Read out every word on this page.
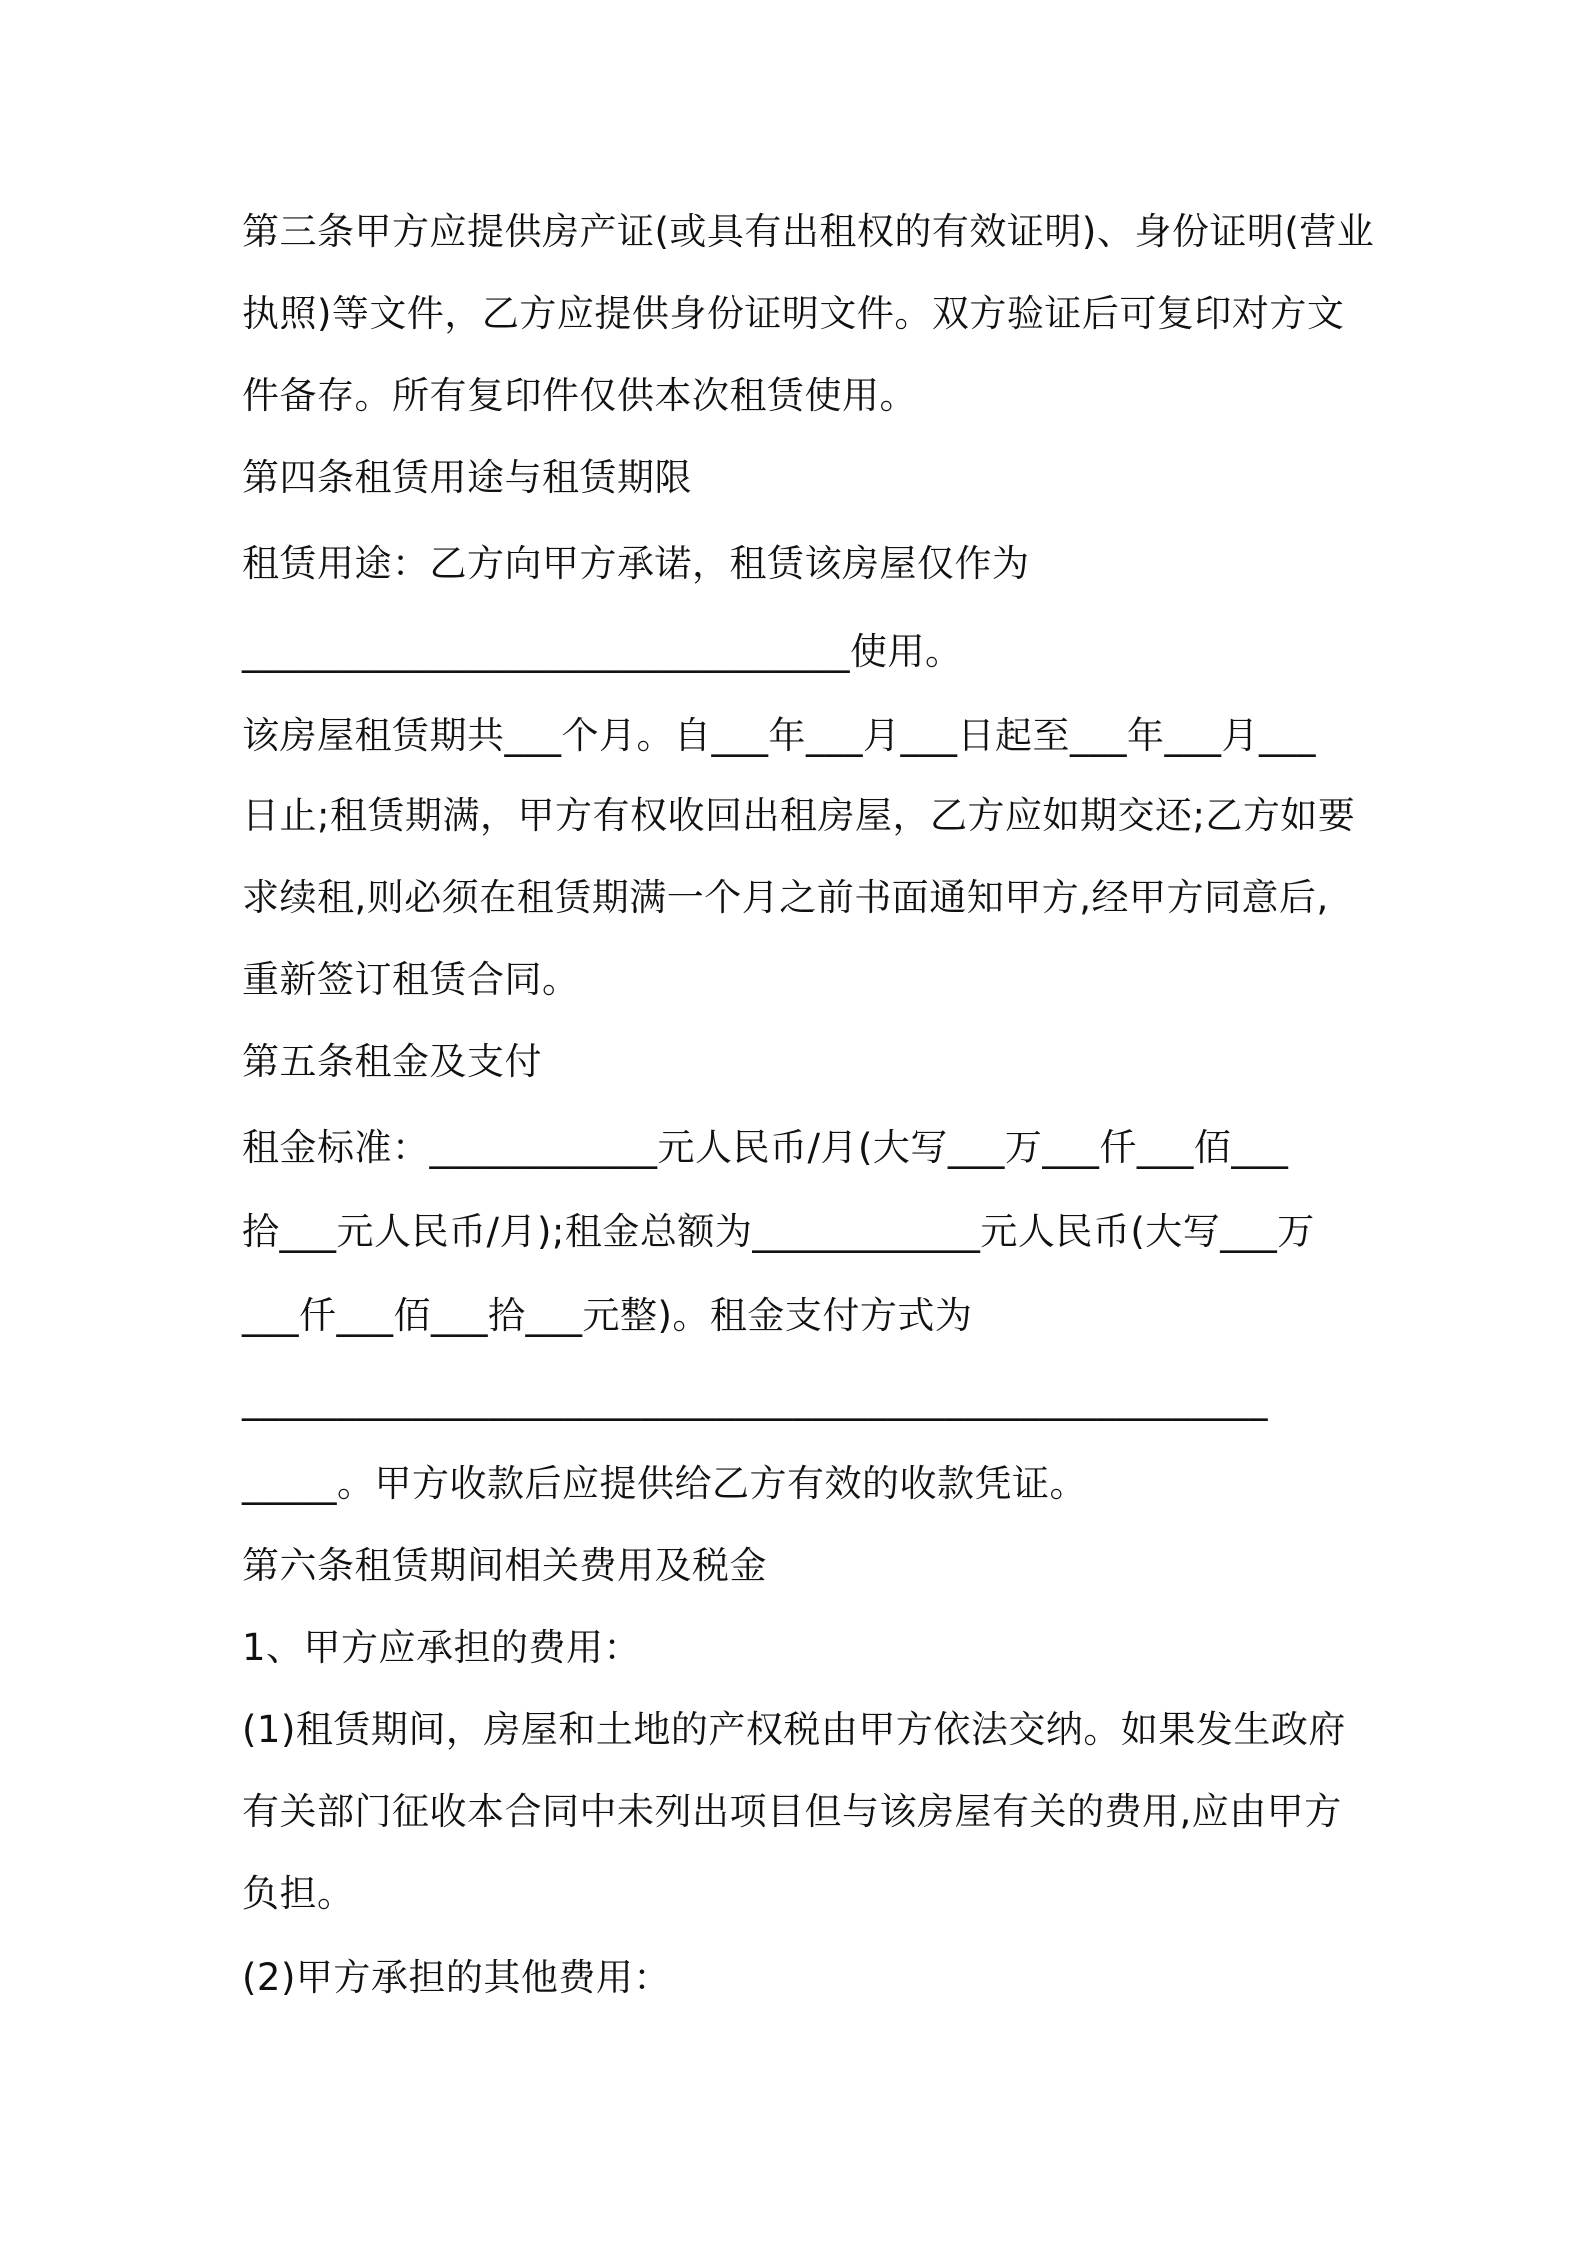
第三条甲方应提供房产证(或具有出租权的有效证明)、身份证明(营业
执照)等文件，乙方应提供身份证明文件。双方验证后可复印对方文
件备存。所有复印件仅供本次租赁使用。
第四条租赁用途与租赁期限
租赁用途：乙方向甲方承诺，租赁该房屋仅作为
________________________________使用。
该房屋租赁期共___个月。自___年___月___日起至___年___月___
日止;租赁期满，甲方有权收回出租房屋，乙方应如期交还;乙方如要
求续租,则必须在租赁期满一个月之前书面通知甲方,经甲方同意后,
重新签订租赁合同。
第五条租金及支付
租金标准：____________元人民币/月(大写___万___仟___佰___
拾___元人民币/月);租金总额为____________元人民币(大写___万
___仟___佰___拾___元整)。租金支付方式为
______________________________________________________
_____。甲方收款后应提供给乙方有效的收款凭证。
第六条租赁期间相关费用及税金
1、甲方应承担的费用：
(1)租赁期间，房屋和土地的产权税由甲方依法交纳。如果发生政府
有关部门征收本合同中未列出项目但与该房屋有关的费用,应由甲方
负担。
(2)甲方承担的其他费用：
